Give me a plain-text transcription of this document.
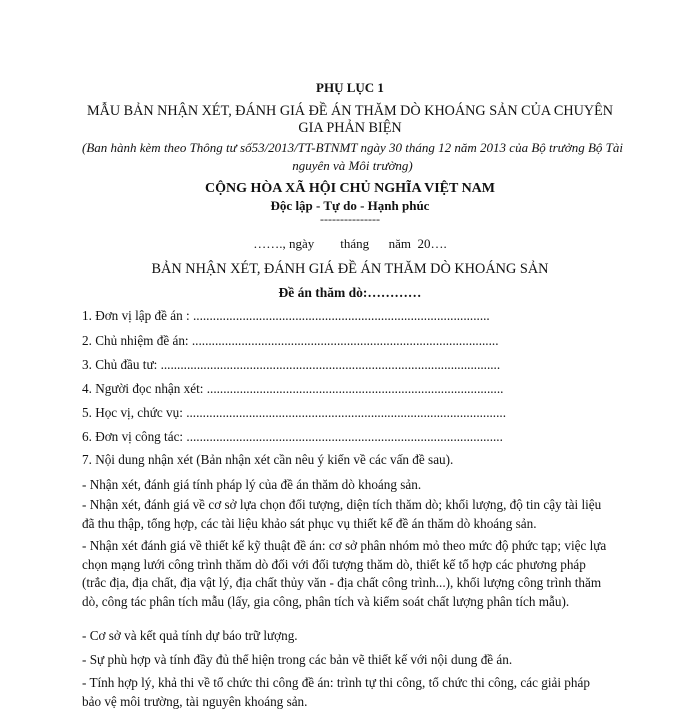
PHỤ LỤC 1
MẪU BẢN NHẬN XÉT, ĐÁNH GIÁ ĐỀ ÁN THĂM DÒ KHOÁNG SẢN CỦA CHUYÊN GIA PHẢN BIỆN
(Ban hành kèm theo Thông tư số53/2013/TT-BTNMT ngày 30 tháng 12 năm 2013 của Bộ trưởng Bộ Tài nguyên và Môi trường)
CỘNG HÒA XÃ HỘI CHỦ NGHĨA VIỆT NAM
Độc lập - Tự do - Hạnh phúc
---------------
……., ngày        tháng      năm  20….
BẢN NHẬN XÉT, ĐÁNH GIÁ ĐỀ ÁN THĂM DÒ KHOÁNG SẢN
Đề án thăm dò:…………
1. Đơn vị lập đề án : ..........................................................................................
2. Chủ nhiệm đề án: .............................................................................................
3. Chủ đầu tư: .......................................................................................................
4. Người đọc nhận xét: ..........................................................................................
5. Học vị, chức vụ: .................................................................................................
6. Đơn vị công tác: ................................................................................................
7. Nội dung nhận xét (Bản nhận xét cần nêu ý kiến về các vấn đề sau).
- Nhận xét, đánh giá tính pháp lý của đề án thăm dò khoáng sản.
- Nhận xét, đánh giá về cơ sở lựa chọn đối tượng, diện tích thăm dò; khối lượng, độ tin cậy tài liệu đã thu thập, tổng hợp, các tài liệu khảo sát phục vụ thiết kế đề án thăm dò khoáng sản.
- Nhận xét đánh giá về thiết kế kỹ thuật đề án: cơ sở phân nhóm mỏ theo mức độ phức tạp; việc lựa chọn mạng lưới công trình thăm dò đối với đối tượng thăm dò, thiết kế tổ hợp các phương pháp (trắc địa, địa chất, địa vật lý, địa chất thủy văn - địa chất công trình...), khối lượng công trình thăm dò, công tác phân tích mẫu (lấy, gia công, phân tích và kiểm soát chất lượng phân tích mẫu).
- Cơ sở và kết quả tính dự báo trữ lượng.
- Sự phù hợp và tính đầy đủ thể hiện trong các bản vẽ thiết kế với nội dung đề án.
- Tính hợp lý, khả thi về tổ chức thi công đề án: trình tự thi công, tổ chức thi công, các giải pháp bảo vệ môi trường, tài nguyên khoáng sản.
